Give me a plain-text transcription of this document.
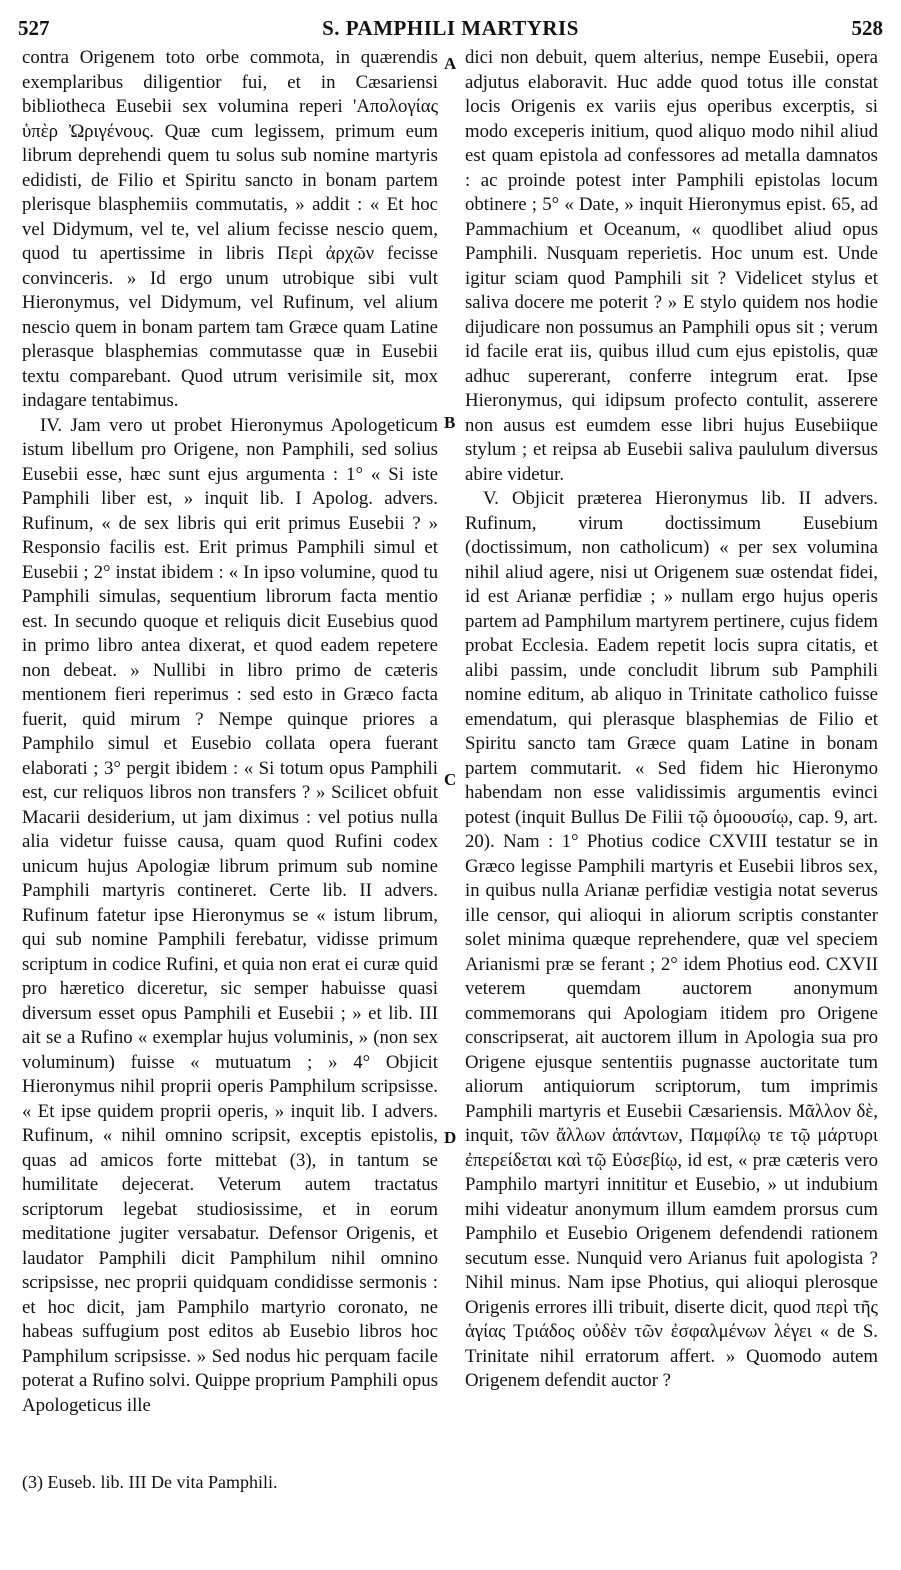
527	S. PAMPHILI MARTYRIS	528

contra Origenem toto orbe commota, in quærendis exemplaribus diligentior fui, et in Cæsariensi bibliotheca Eusebii sex volumina reperi 'Απολογίας ὑπὲρ Ὠριγένους. Quæ cum legissem, primum eum librum deprehendi quem tu solus sub nomine martyris edidisti, de Filio et Spiritu sancto in bonam partem plerisque blasphemiis commutatis, » addit : « Et hoc vel Didymum, vel te, vel alium fecisse nescio quem, quod tu apertissime in libris Περὶ ἀρχῶν fecisse convinceris. » Id ergo unum utrobique sibi vult Hieronymus, vel Didymum, vel Rufinum, vel alium nescio quem in bonam partem tam Græce quam Latine plerasque blasphemias commutasse quæ in Eusebii textu comparebant. Quod utrum verisimile sit, mox indagare tentabimus.

IV. Jam vero ut probet Hieronymus Apologeticum istum libellum pro Origene, non Pamphili, sed solius Eusebii esse, hæc sunt ejus argumenta : 1° « Si iste Pamphili liber est, » inquit lib. I Apolog. advers. Rufinum, « de sex libris qui erit primus Eusebii ? » Responsio facilis est. Erit primus Pamphili simul et Eusebii ; 2° instat ibidem : « In ipso volumine, quod tu Pamphili simulas, sequentium librorum facta mentio est. In secundo quoque et reliquis dicit Eusebius quod in primo libro antea dixerat, et quod eadem repetere non debeat. » Nullibi in libro primo de cæteris mentionem fieri reperimus : sed esto in Græco facta fuerit, quid mirum ? Nempe quinque priores a Pamphilo simul et Eusebio collata opera fuerant elaborati ; 3° pergit ibidem : « Si totum opus Pamphili est, cur reliquos libros non transfers ? » Scilicet obfuit Macarii desiderium, ut jam diximus : vel potius nulla alia videtur fuisse causa, quam quod Rufini codex unicum hujus Apologiæ librum primum sub nomine Pamphili martyris contineret. Certe lib. II advers. Rufinum fatetur ipse Hieronymus se « istum librum, qui sub nomine Pamphili ferebatur, vidisse primum scriptum in codice Rufini, et quia non erat ei curæ quid pro hæretico diceretur, sic semper habuisse quasi diversum esset opus Pamphili et Eusebii ; » et lib. III ait se a Rufino « exemplar hujus voluminis, » (non sex voluminum) fuisse « mutuatum ; » 4° Objicit Hieronymus nihil proprii operis Pamphilum scripsisse. « Et ipse quidem proprii operis, » inquit lib. I advers. Rufinum, « nihil omnino scripsit, exceptis epistolis, quas ad amicos forte mittebat (3), in tantum se humilitate dejecerat. Veterum autem tractatus scriptorum legebat studiosissime, et in eorum meditatione jugiter versabatur. Defensor Origenis, et laudator Pamphili dicit Pamphilum nihil omnino scripsisse, nec proprii quidquam condidisse sermonis : et hoc dicit, jam Pamphilo martyrio coronato, ne habeas suffugium post editos ab Eusebio libros hoc Pamphilum scripsisse. » Sed nodus hic perquam facile poterat a Rufino solvi. Quippe proprium Pamphili opus Apologeticus ille

dici non debuit, quem alterius, nempe Eusebii, opera adjutus elaboravit. Huc adde quod totus ille constat locis Origenis ex variis ejus operibus excerptis, si modo exceperis initium, quod aliquo modo nihil aliud est quam epistola ad confessores ad metalla damnatos : ac proinde potest inter Pamphili epistolas locum obtinere ; 5° « Date, » inquit Hieronymus epist. 65, ad Pammachium et Oceanum, « quodlibet aliud opus Pamphili. Nusquam reperietis. Hoc unum est. Unde igitur sciam quod Pamphili sit ? Videlicet stylus et saliva docere me poterit ? » E stylo quidem nos hodie dijudicare non possumus an Pamphili opus sit ; verum id facile erat iis, quibus illud cum ejus epistolis, quæ adhuc supererant, conferre integrum erat. Ipse Hieronymus, qui idipsum profecto contulit, asserere non ausus est eumdem esse libri hujus Eusebiique stylum ; et reipsa ab Eusebii saliva paululum diversus abire videtur.

V. Objicit præterea Hieronymus lib. II advers. Rufinum, virum doctissimum Eusebium (doctissimum, non catholicum) « per sex volumina nihil aliud agere, nisi ut Origenem suæ ostendat fidei, id est Arianæ perfidiæ ; » nullam ergo hujus operis partem ad Pamphilum martyrem pertinere, cujus fidem probat Ecclesia. Eadem repetit locis supra citatis, et alibi passim, unde concludit librum sub Pamphili nomine editum, ab aliquo in Trinitate catholico fuisse emendatum, qui plerasque blasphemias de Filio et Spiritu sancto tam Græce quam Latine in bonam partem commutarit. « Sed fidem hic Hieronymo habendam non esse validissimis argumentis evinci potest (inquit Bullus De Filii τῷ ὁμοουσίῳ, cap. 9, art. 20). Nam : 1° Photius codice CXVIII testatur se in Græco legisse Pamphili martyris et Eusebii libros sex, in quibus nulla Arianæ perfidiæ vestigia notat severus ille censor, qui alioqui in aliorum scriptis constanter solet minima quæque reprehendere, quæ vel speciem Arianismi præ se ferant ; 2° idem Photius eod. CXVII veterem quemdam auctorem anonymum commemorans qui Apologiam itidem pro Origene conscripserat, ait auctorem illum in Apologia sua pro Origene ejusque sententiis pugnasse auctoritate tum aliorum antiquiorum scriptorum, tum imprimis Pamphili martyris et Eusebii Cæsariensis. Μᾶλλον δὲ, inquit, τῶν ἄλλων ἁπάντων, Παμφίλῳ τε τῷ μάρτυρι ἐπερείδεται καὶ τῷ Εὐσεβίῳ, id est, « præ cæteris vero Pamphilo martyri innititur et Eusebio, » ut indubium mihi videatur anonymum illum eamdem prorsus cum Pamphilo et Eusebio Origenem defendendi rationem secutum esse. Nunquid vero Arianus fuit apologista ? Nihil minus. Nam ipse Photius, qui alioqui plerosque Origenis errores illi tribuit, diserte dicit, quod περὶ τῆς ἁγίας Τριάδος οὐδὲν τῶν ἐσφαλμένων λέγει « de S. Trinitate nihil erratorum affert. » Quomodo autem Origenem defendit auctor ?

A
B
C
D
(3) Euseb. lib. III De vita Pamphili.
